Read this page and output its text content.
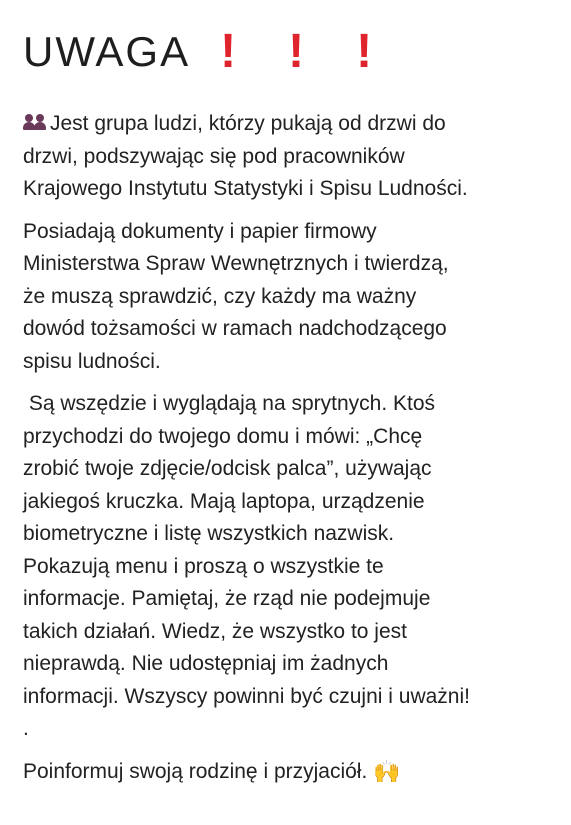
UWAGA ! ! !
Jest grupa ludzi, którzy pukają od drzwi do
drzwi, podszywając się pod pracowników
Krajowego Instytutu Statystyki i Spisu Ludności.
Posiadają dokumenty i papier firmowy
Ministerstwa Spraw Wewnętrznych i twierdzą,
że muszą sprawdzić, czy każdy ma ważny
dowód tożsamości w ramach nadchodzącego
spisu ludności.
Są wszędzie i wyglądają na sprytnych. Ktoś
przychodzi do twojego domu i mówi: „Chcę
zrobić twoje zdjęcie/odcisk palca”, używając
jakiegoś kruczka. Mają laptopa, urządzenie
biometryczne i listę wszystkich nazwisk.
Pokazują menu i proszą o wszystkie te
informacje. Pamiętaj, że rząd nie podejmuje
takich działań. Wiedz, że wszystko to jest
nieprawdą. Nie udostępniaj im żadnych
informacji. Wszyscy powinni być czujni i uważni!
.
Poinformuj swoją rodzinę i przyjaciół. 🙌
